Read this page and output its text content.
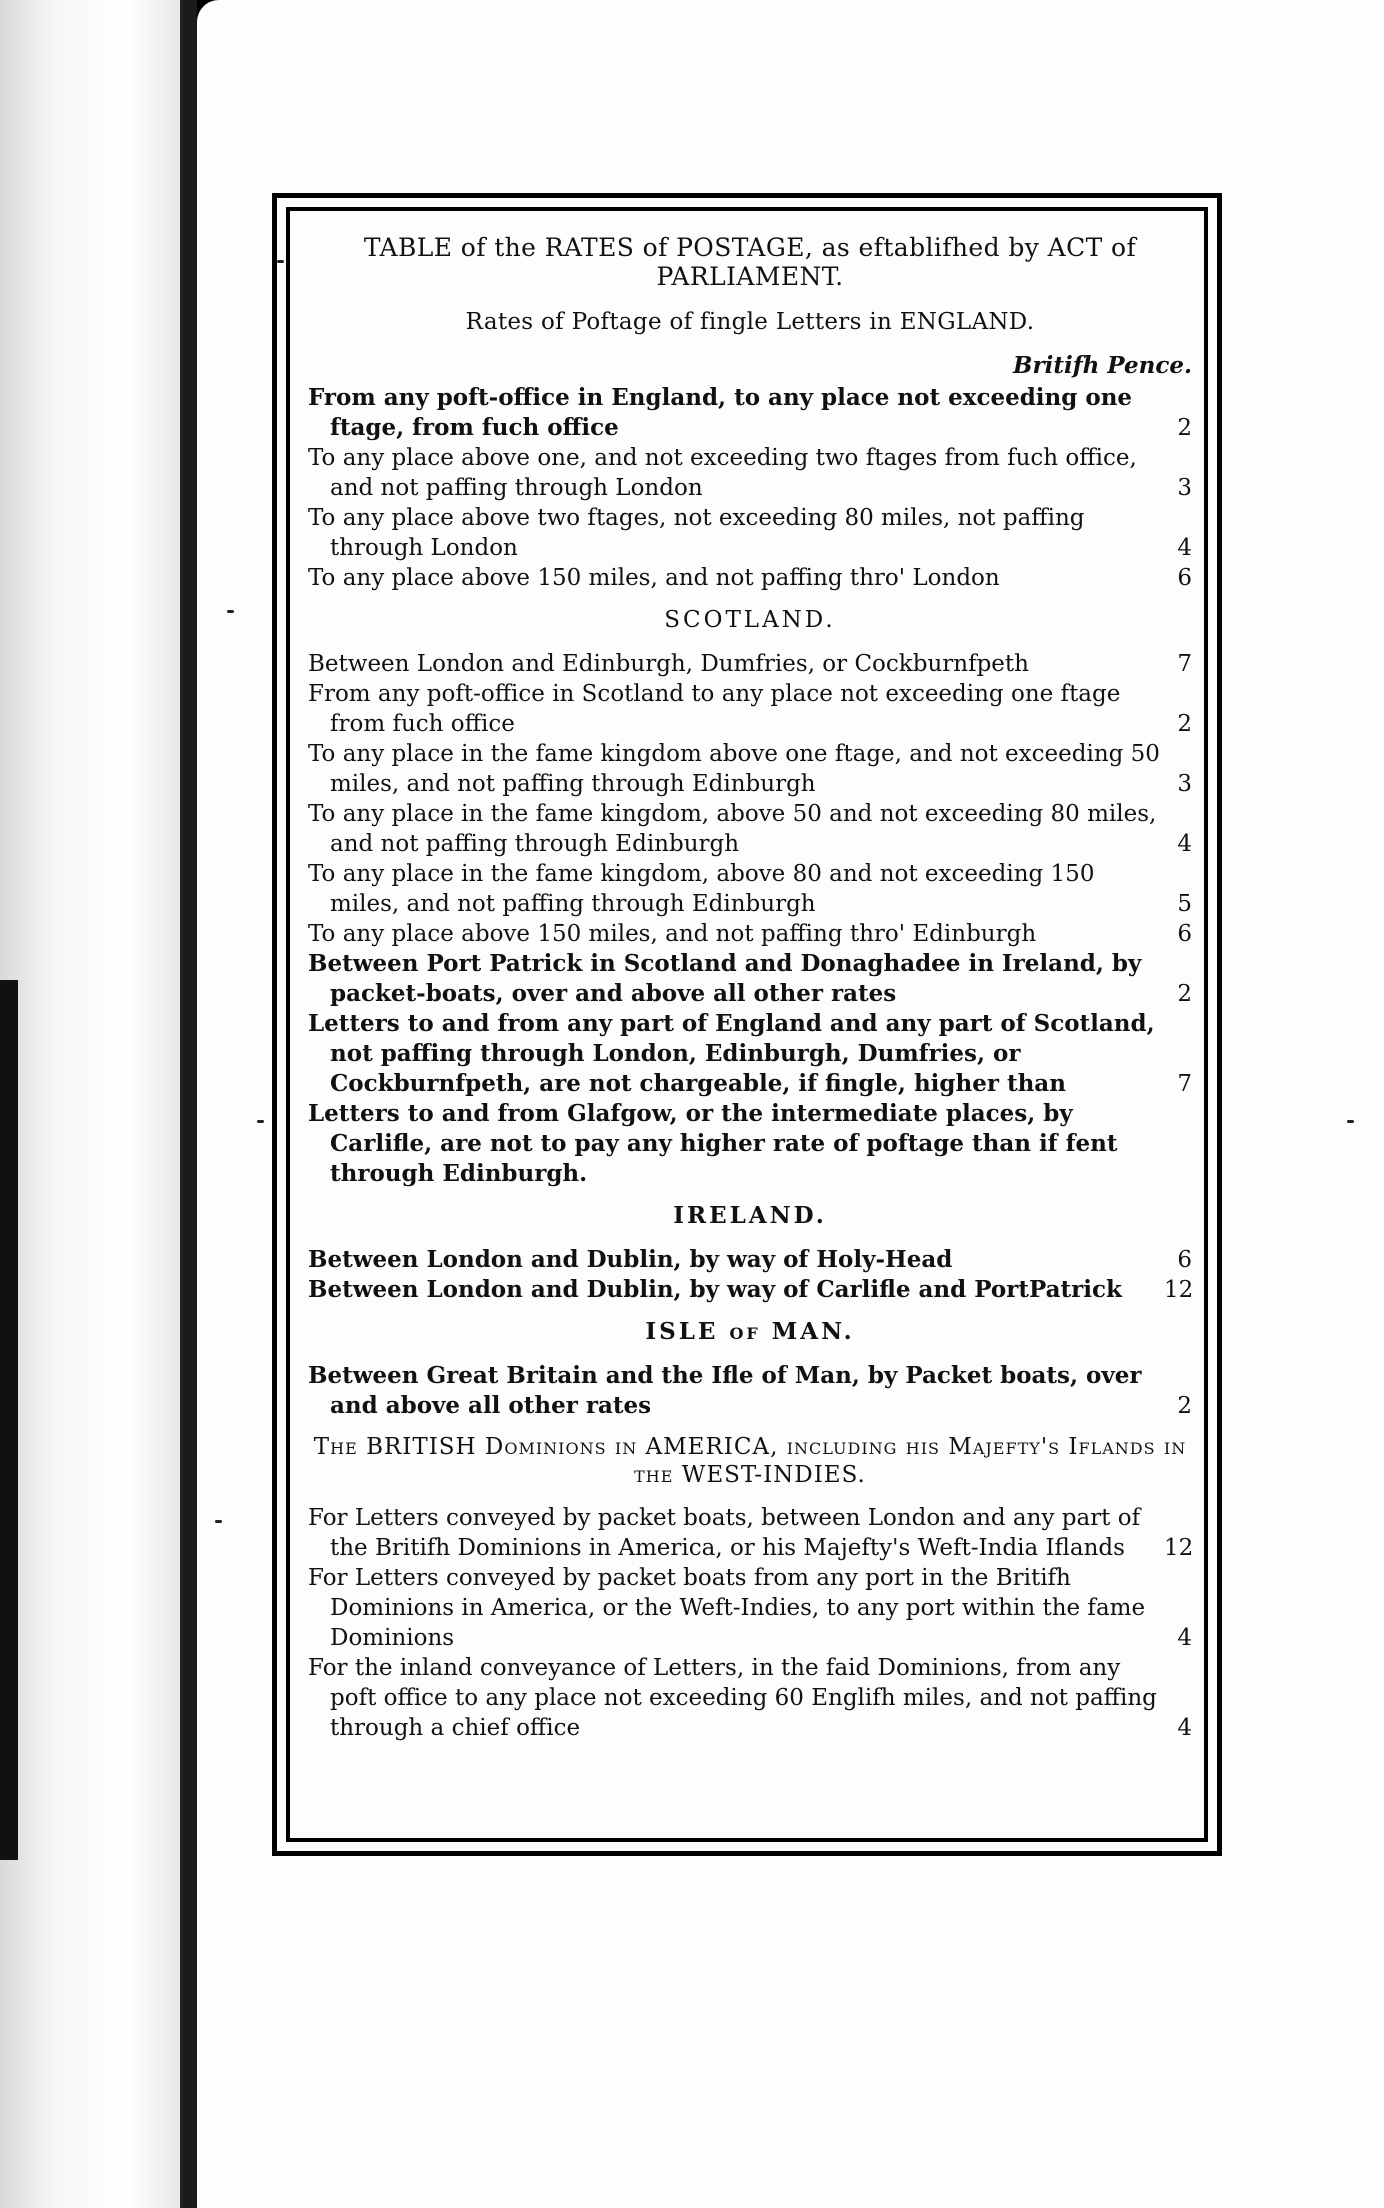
TABLE of the RATES of POSTAGE, as eftablifhed by ACT of PARLIAMENT.
Rates of Poftage of fingle Letters in ENGLAND.
Britifh Pence.
From any poft-office in England, to any place not exceeding one ftage, from fuch office	2
To any place above one, and not exceeding two ftages from fuch office, and not paffing through London	3
To any place above two ftages, not exceeding 80 miles, not paffing through London	4
To any place above 150 miles, and not paffing thro' London	6
SCOTLAND.
Between London and Edinburgh, Dumfries, or Cockburnfpeth	7
From any poft-office in Scotland to any place not exceeding one ftage from fuch office	2
To any place in the fame kingdom above one ftage, and not exceeding 50 miles, and not paffing through Edinburgh	3
To any place in the fame kingdom, above 50 and not exceeding 80 miles, and not paffing through Edinburgh	4
To any place in the fame kingdom, above 80 and not exceeding 150 miles, and not paffing through Edinburgh	5
To any place above 150 miles, and not paffing thro' Edinburgh	6
Between Port Patrick in Scotland and Donaghadee in Ireland, by packet-boats, over and above all other rates	2
Letters to and from any part of England and any part of Scotland, not paffing through London, Edinburgh, Dumfries, or Cockburnfpeth, are not chargeable, if fingle, higher than	7
Letters to and from Glafgow, or the intermediate places, by Carlifle, are not to pay any higher rate of poftage than if fent through Edinburgh.
IRELAND.
Between London and Dublin, by way of Holy-Head	6
Between London and Dublin, by way of Carlifle and PortPatrick	12
ISLE of MAN.
Between Great Britain and the Ifle of Man, by Packet boats, over and above all other rates	2
The BRITISH Dominions in AMERICA, including his Majefty's Iflands in the WEST-INDIES.
For Letters conveyed by packet boats, between London and any part of the Britifh Dominions in America, or his Majefty's Weft-India Iflands	12
For Letters conveyed by packet boats from any port in the Britifh Dominions in America, or the Weft-Indies, to any port within the fame Dominions	4
For the inland conveyance of Letters, in the faid Dominions, from any poft office to any place not exceeding 60 Englifh miles, and not paffing through a chief office	4
